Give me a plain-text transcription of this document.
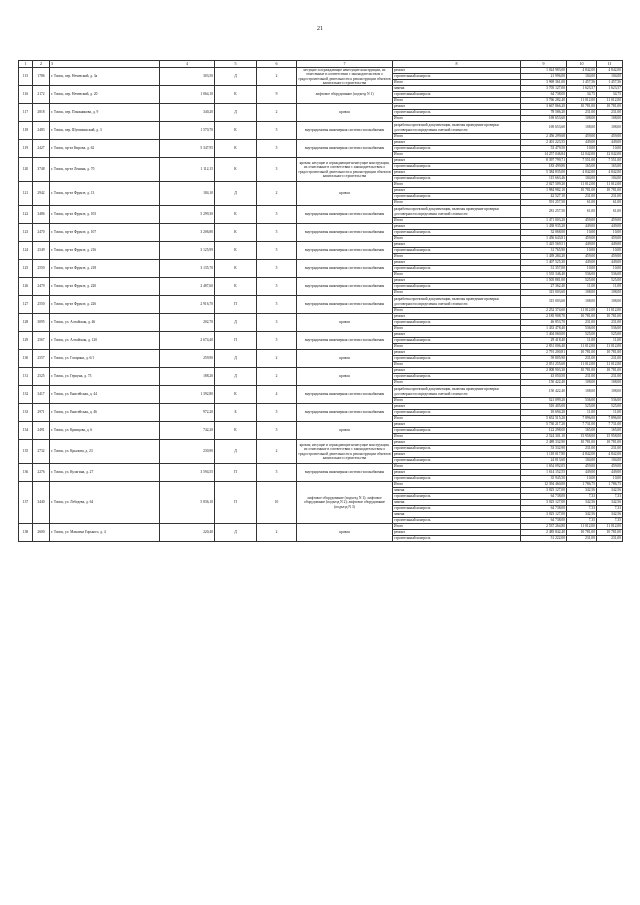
21
1	2	3	4	5	6	7	8	9	10	11
115	1786	г. Томск, пер. Нечевский, д. 3а	303,50	Д	2	несущие и ограждающие ненесущие конструкции, их отнесенные в соответствии с законодательством о градостроительной деятельности к реконструкции объектов капитального строительства	ремонт	1 024 983,00	4 842,00	4 842,00
							строительный контроль	21 996,00	104,00	104,00
							Итого	3 969 361,00	1 457,56	1 457,56
116	2172	г. Томск, пер. Нечевский, д. 20	1 064,10	К	9	лифтовое оборудование (подъезд N 1)	замена	3 705 127,00	1 623,57	1 623,57
							строительный контроль	64 738,00	34,75	34,75
							Итого	3 766 282,40	11 012,00	11 012,00
117	2818	г. Томск, пер. Пляжникова, д. 9	340,20	Д	2	кровля	ремонт	3 667 866,20	10 781,00	10 781,00
							строительный контроль	78 586,20	231,00	231,00
							Итого	169 653,60	108,00	108,00
118	2483	г. Томск, пер. Шумихинский, д. 3	1 570,70	К	5	внутридомовая инженерная система газоснабжения	разработка проектной документации, включая проведение проверки достоверности определения сметной стоимости	169 653,60	108,00	108,00
							Итого	2 456 299,68	459,00	459,00
119	2427	г. Томск, пр-кт Кирова, д. 62	5 347,95	К	5	внутридомовая инженерная система газоснабжения	ремонт	2 401 223,55	449,00	449,00
							строительный контроль	53 479,50	10,00	10,00
							Итого	14 257 046,84	12 042,00	12 042,00
120	3748	г. Томск, пр-кт Ленина, д. 70	1 112,15	К	3	кровля; несущие и ограждающие ненесущие конструкции, их отнесенные в соответствии с законодательством о градостроительной деятельности к реконструкции объектов капитального строительства	ремонт	8 397 799,71	7 551,00	7 551,00
							строительный контроль	183 499,80	165,00	165,00
							ремонт	5 384 835,00	4 842,00	4 842,00
							строительный контроль	115 663,46	104,00	104,00
121	2942	г. Томск, пр-кт Фрунзе, д. 13	184,10	Д	2	кровля	Итого	2 027 509,20	11 012,00	11 012,00
							ремонт	1 984 982,10	10 781,00	10 781,00
							строительный контроль	42 527,10	231,00	231,00
							Итого	591 257,50	61,00	61,00
122	3486	г. Томск, пр-кт Фрунзе, д. 105	5 299,30	К	5	внутридомовая инженерная система газоснабжения	разработка проектной документации, включая проведение проверки достоверности определения сметной стоимости	281 257,50	61,00	61,00
							Итого	1 471 003,20	459,00	459,00
123	2470	г. Томск, пр-кт Фрунзе, д. 107	3 206,80	К	5	внутридомовая инженерная система газоснабжения	ремонт	1 438 935,20	449,00	449,00
							строительный контроль	32 068,00	10,00	10,00
							Итого	1 456 643,81	459,00	459,00
124	2549	г. Томск, пр-кт Фрунзе, д. 216	3 125,99	К	5	внутридомовая инженерная система газоснабжения	ремонт	1 425 569,51	449,00	449,00
							строительный контроль	31 765,90	10,00	10,00
							Итого	1 439 284,20	459,00	459,00
125	2550	г. Томск, пр-кт Фрунзе, д. 218	3 135,70	К	5	внутридомовая инженерная система газоснабжения	ремонт	1 407 525,30	449,00	449,00
							строительный контроль	31 357,00	10,00	10,00
							Итого	1 535 346,40	536,00	536,00
126	2479	г. Томск, пр-кт Фрунзе, д. 220	2 487,60	К	5	внутридомовая инженерная система газоснабжения	ремонт	1 505 881,00	525,00	525,00
							строительный контроль	27 362,40	11,00	11,00
							Итого	315 003,60	108,00	108,00
127	2550	г. Томск, пр-кт Фрунзе, д. 226	2 916,70	П	5	внутридомовая инженерная система газоснабжения	разработка проектной документации, включая проведение проверки достоверности определения сметной стоимости	315 003,60	108,00	108,00
							Итого	2 252 374,60	11 012,00	11 012,00
128	3095	г. Томск, ул. Алтайская, д. 46	202,70	Д	3	кровля	ремонт	2 185 908,70	10 781,00	10 781,00
							строительный контроль	46 853,70	231,00	231,00
							Итого	1 433 478,40	536,00	536,00
129	2567	г. Томск, ул. Алтайская, д. 120	2 674,40	П	5	внутридомовая инженерная система газоснабжения	ремонт	1 404 060,00	525,00	525,00
							строительный контроль	29 418,40	11,00	11,00
							Итого	2 831 006,40	11 012,00	11 012,00
130	2557	г. Томск, ул. Гагарина, д. 6/1	259,90	Д	2	кровля	ремонт	2 791 200,81	10 781,00	10 781,00
							строительный контроль	59 805,90	231,00	231,00
							Итого	2 051 255,60	11 012,00	11 012,00
131	2525	г. Томск, ул. Герцена, д. 73	188,20	Д	2	кровля	ремонт	2 008 903,30	10 781,00	10 781,00
							строительный контроль	43 050,50	231,00	231,00
							Итого	150 422,40	108,00	108,00
132	3417	г. Томск, ул. Енисейская, д. 44	1 392,80	К	4	внутридомовая инженерная система газоснабжения	разработка проектной документации, включая проведение проверки достоверности определения сметной стоимости	150 422,40	108,00	108,00
							Итого	521 099,20	536,00	536,00
133	2971	г. Томск, ул. Енисейская, д. 46	972,20	Б	5	внутридомовая инженерная система газоснабжения	ремонт	510 405,00	525,00	525,00
							строительный контроль	10 694,20	11,00	11,00
							Итого	5 652 515,20	7 896,00	7 896,00
134	2491	г. Томск, ул. Кривцова, д. 6	742,20	К	5	кровля	ремонт	5 730 217,20	7 731,00	7 731,00
							строительный контроль	122 298,00	165,00	165,00
							Итого	2 524 301,10	15 958,00	15 958,00
135	2732	г. Томск, ул. Крылова, д. 23	230,90	Д	2	кровля; несущие и ограждающие ненесущие конструкции, их отнесенные в соответствии с законодательством о градостроительной деятельности к реконструкции объектов капитального строительства	ремонт	2 489 332,90	10 781,00	10 781,00
							строительный контроль	53 332,90	231,00	231,00
							ремонт	1 118 017,80	4 842,00	4 842,00
							строительный контроль	24 013,60	104,00	104,00
136	2276	г. Томск, ул. Кулагина, д. 27	3 594,55	П	5	внутридомовая инженерная система газоснабжения	Итого	1 654 092,05	459,00	459,00
							ремонт	1 614 152,55	449,00	449,00
							строительный контроль	35 945,50	10,00	10,00
137	3440	г. Томск, ул. Лебедева, д. 64	5 836,10	П	10	лифтовое оборудование (подъезд N 1); лифтовое оборудование (подъезд N 2); лифтовое оборудование (подъезд N 3)	Итого	12 394 460,00	1 786,75	1 786,75
							замена	3 025 127,00	342,56	342,56
							строительный контроль	64 738,00	7,33	7,33
							замена	3 025 127,00	342,56	342,56
							строительный контроль	64 738,00	7,33	7,33
							замена	3 025 127,00	342,56	342,56
							строительный контроль	64 738,00	7,35	7,35
138	2600	г. Томск, ул. Максима Горького, д. 4	220,40	Д	2	кровля	Итого	2 537 264,80	11 012,00	11 012,00
							ремонт	2 485 842,40	10 781,00	10 781,00
							строительный контроль	51 222,00	231,00	231,00
